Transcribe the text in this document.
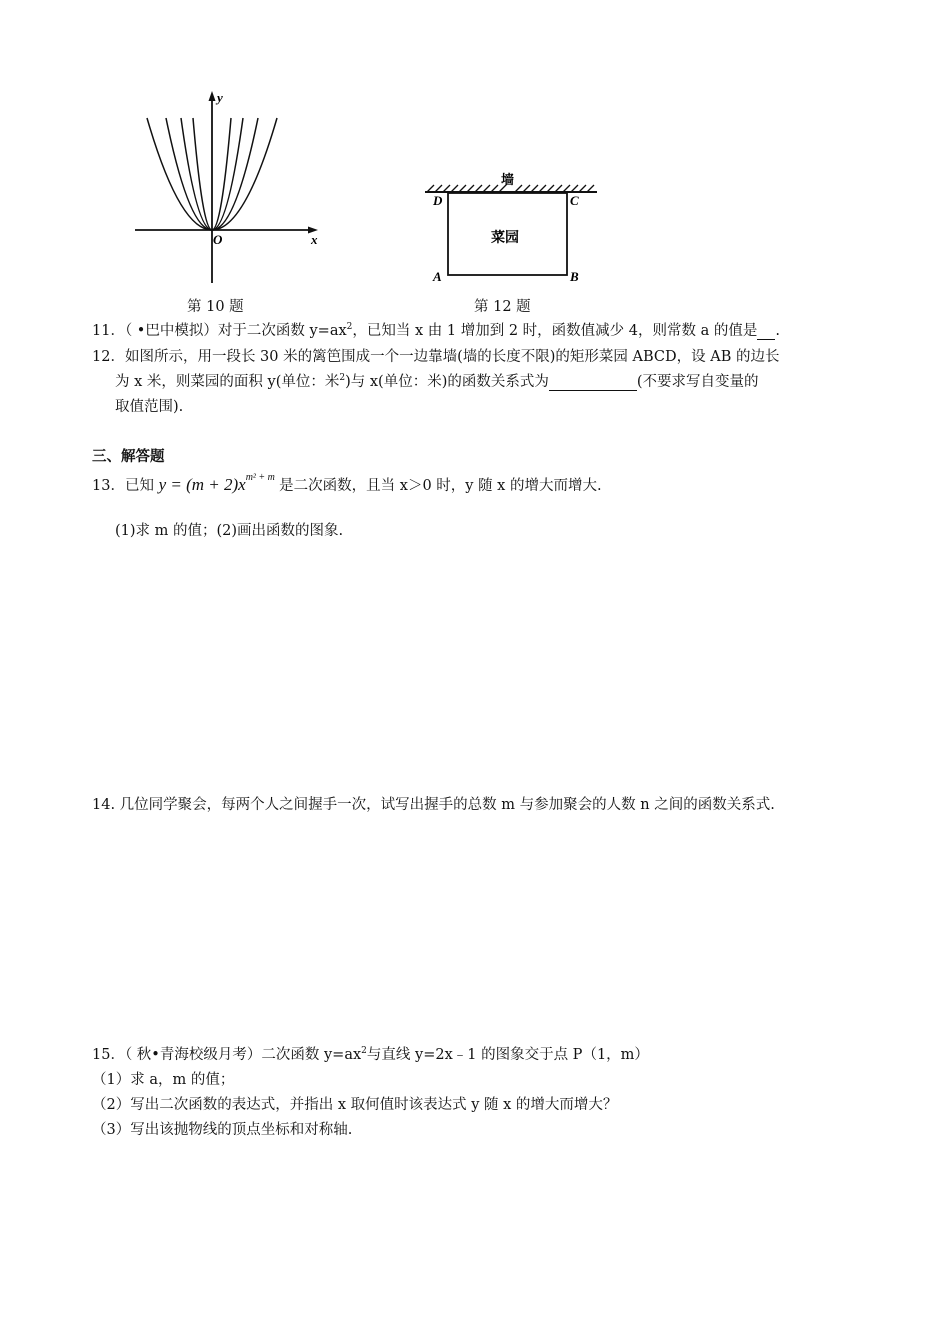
y
x
O
第 10 题
墙
菜园
D	C
A	B
第 12 题
11．（ •巴中模拟）对于二次函数 $y=ax^2$，已知当 x 由 1 增加到 2 时，函数值减少 4，则常数 a 的值是 .
12．如图所示，用一段长 30 米的篱笆围成一个一边靠墙(墙的长度不限)的矩形菜园 ABCD，设 AB 的边长
为 x 米，则菜园的面积 y(单位：米$^2$)与 x(单位：米)的函数关系式为	(不要求写自变量的
取值范围).
三、解答题
13．已知 $y = (m + 2)x^{m^2 + m}$ 是二次函数，且当 x＞0 时，y 随 x 的增大而增大.
(1)求 m 的值；(2)画出函数的图象.
14. 几位同学聚会，每两个人之间握手一次，试写出握手的总数 m 与参加聚会的人数 n 之间的函数关系式.
15．（ 秋•青海校级月考）二次函数 $y=ax^2$与直线 y=2x﹣1 的图象交于点 P（1，m）
（1）求 a，m 的值；
（2）写出二次函数的表达式，并指出 x 取何值时该表达式 y 随 x 的增大而增大？
（3）写出该抛物线的顶点坐标和对称轴.
